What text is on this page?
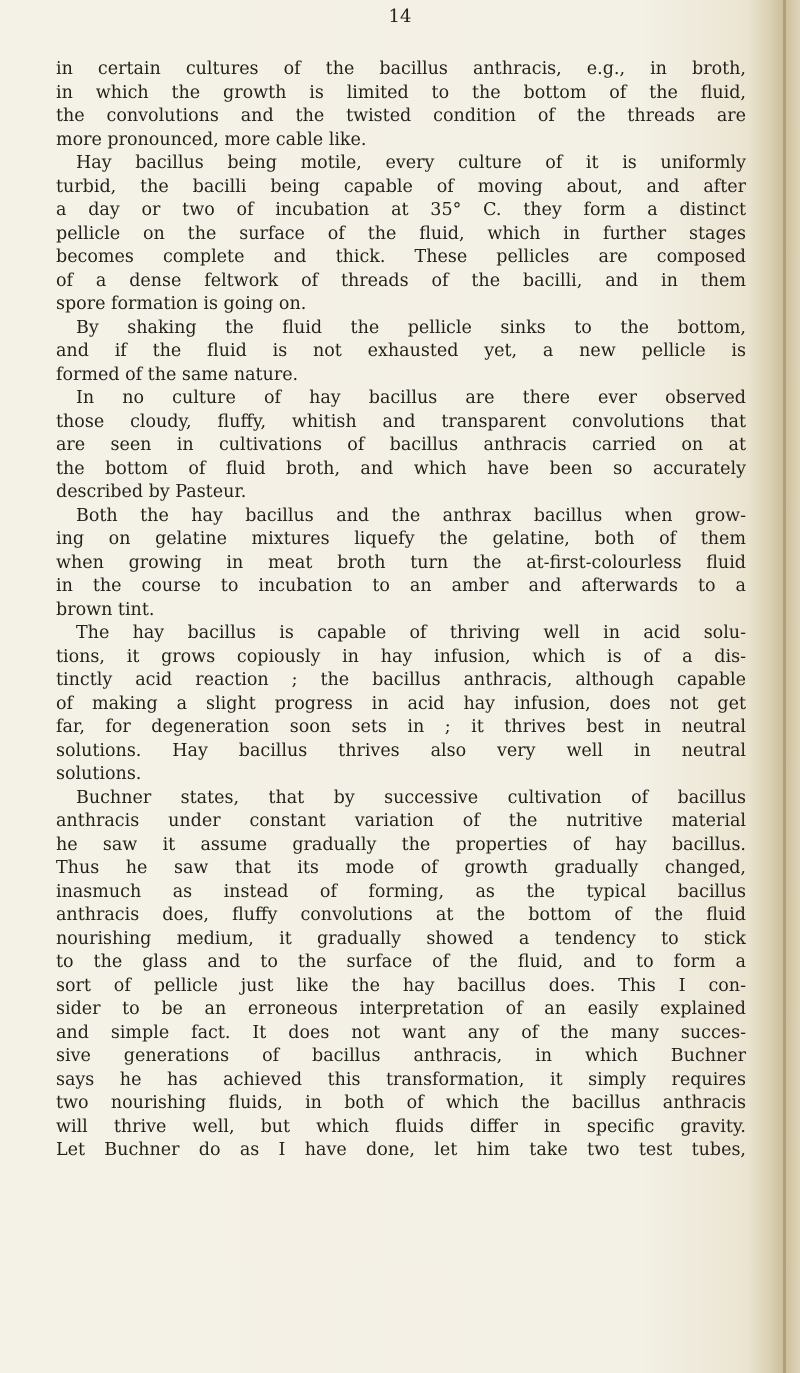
14
in certain cultures of the bacillus anthracis, e.g., in broth,
in which the growth is limited to the bottom of the fluid,
the convolutions and the twisted condition of the threads are
more pronounced, more cable like.
Hay bacillus being motile, every culture of it is uniformly
turbid, the bacilli being capable of moving about, and after
a day or two of incubation at 35° C. they form a distinct
pellicle on the surface of the fluid, which in further stages
becomes complete and thick. These pellicles are composed
of a dense feltwork of threads of the bacilli, and in them
spore formation is going on.
By shaking the fluid the pellicle sinks to the bottom,
and if the fluid is not exhausted yet, a new pellicle is
formed of the same nature.
In no culture of hay bacillus are there ever observed
those cloudy, fluffy, whitish and transparent convolutions that
are seen in cultivations of bacillus anthracis carried on at
the bottom of fluid broth, and which have been so accurately
described by Pasteur.
Both the hay bacillus and the anthrax bacillus when grow-
ing on gelatine mixtures liquefy the gelatine, both of them
when growing in meat broth turn the at-first-colourless fluid
in the course to incubation to an amber and afterwards to a
brown tint.
The hay bacillus is capable of thriving well in acid solu-
tions, it grows copiously in hay infusion, which is of a dis-
tinctly acid reaction ; the bacillus anthracis, although capable
of making a slight progress in acid hay infusion, does not get
far, for degeneration soon sets in ; it thrives best in neutral
solutions. Hay bacillus thrives also very well in neutral
solutions.
Buchner states, that by successive cultivation of bacillus
anthracis under constant variation of the nutritive material
he saw it assume gradually the properties of hay bacillus.
Thus he saw that its mode of growth gradually changed,
inasmuch as instead of forming, as the typical bacillus
anthracis does, fluffy convolutions at the bottom of the fluid
nourishing medium, it gradually showed a tendency to stick
to the glass and to the surface of the fluid, and to form a
sort of pellicle just like the hay bacillus does. This I con-
sider to be an erroneous interpretation of an easily explained
and simple fact. It does not want any of the many succes-
sive generations of bacillus anthracis, in which Buchner
says he has achieved this transformation, it simply requires
two nourishing fluids, in both of which the bacillus anthracis
will thrive well, but which fluids differ in specific gravity.
Let Buchner do as I have done, let him take two test tubes,
